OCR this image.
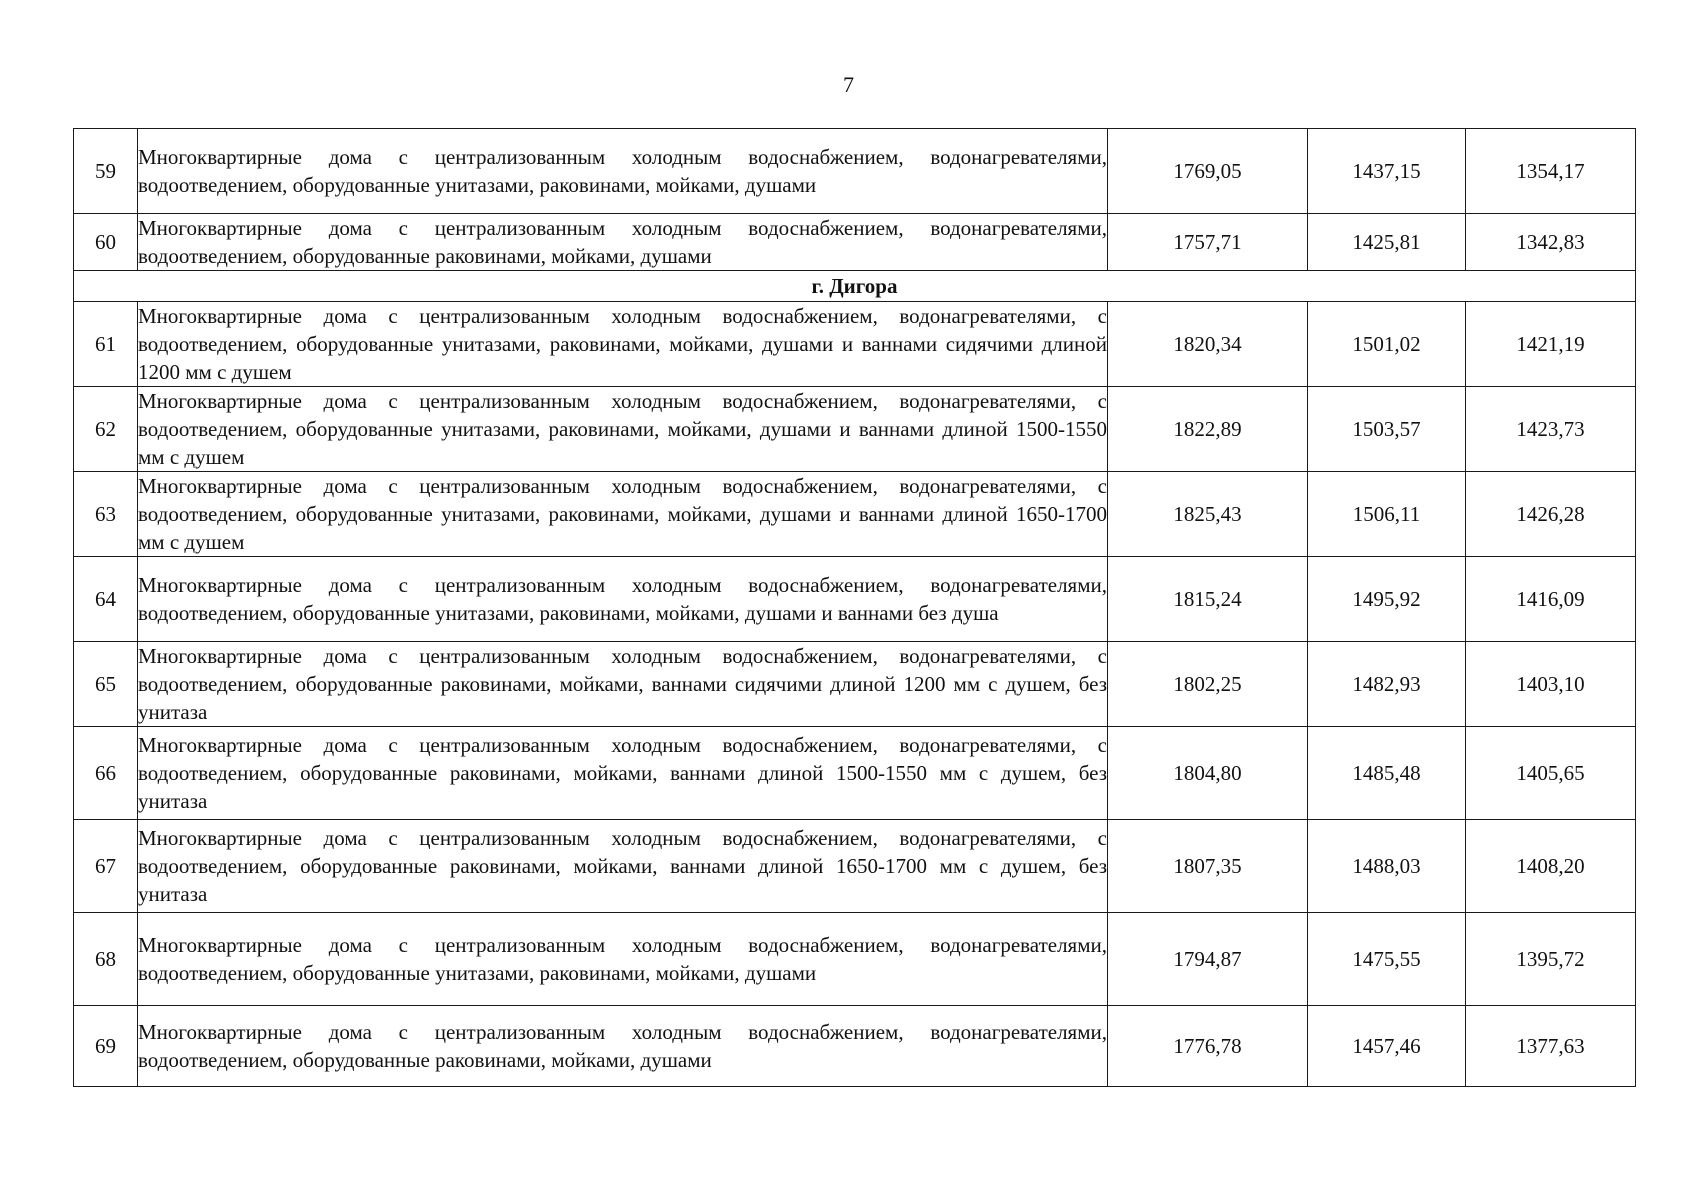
7
59	Многоквартирные дома с централизованным холодным водоснабжением, водонагревателями, водоотведением, оборудованные унитазами, раковинами, мойками, душами	1769,05	1437,15	1354,17
60	Многоквартирные дома с централизованным холодным водоснабжением, водонагревателями, водоотведением, оборудованные раковинами, мойками, душами	1757,71	1425,81	1342,83
г. Дигора				
61	Многоквартирные дома с централизованным холодным водоснабжением, водонагревателями, с водоотведением, оборудованные унитазами, раковинами, мойками, душами и ваннами сидячими длиной 1200 мм с душем	1820,34	1501,02	1421,19
62	Многоквартирные дома с централизованным холодным водоснабжением, водонагревателями, с водоотведением, оборудованные унитазами, раковинами, мойками, душами и ваннами длиной 1500-1550 мм с душем	1822,89	1503,57	1423,73
63	Многоквартирные дома с централизованным холодным водоснабжением, водонагревателями, с водоотведением, оборудованные унитазами, раковинами, мойками, душами и ваннами длиной 1650-1700 мм с душем	1825,43	1506,11	1426,28
64	Многоквартирные дома с централизованным холодным водоснабжением, водонагревателями, водоотведением, оборудованные унитазами, раковинами, мойками, душами и ваннами без душа	1815,24	1495,92	1416,09
65	Многоквартирные дома с централизованным холодным водоснабжением, водонагревателями, с водоотведением, оборудованные раковинами, мойками, ваннами сидячими длиной 1200 мм с душем, без унитаза	1802,25	1482,93	1403,10
66	Многоквартирные дома с централизованным холодным водоснабжением, водонагревателями, с водоотведением, оборудованные раковинами, мойками, ваннами длиной 1500-1550 мм с душем, без унитаза	1804,80	1485,48	1405,65
67	Многоквартирные дома с централизованным холодным водоснабжением, водонагревателями, с водоотведением, оборудованные раковинами, мойками, ваннами длиной 1650-1700 мм с душем, без унитаза	1807,35	1488,03	1408,20
68	Многоквартирные дома с централизованным холодным водоснабжением, водонагревателями, водоотведением, оборудованные унитазами, раковинами, мойками, душами	1794,87	1475,55	1395,72
69	Многоквартирные дома с централизованным холодным водоснабжением, водонагревателями, водоотведением, оборудованные раковинами, мойками, душами	1776,78	1457,46	1377,63
